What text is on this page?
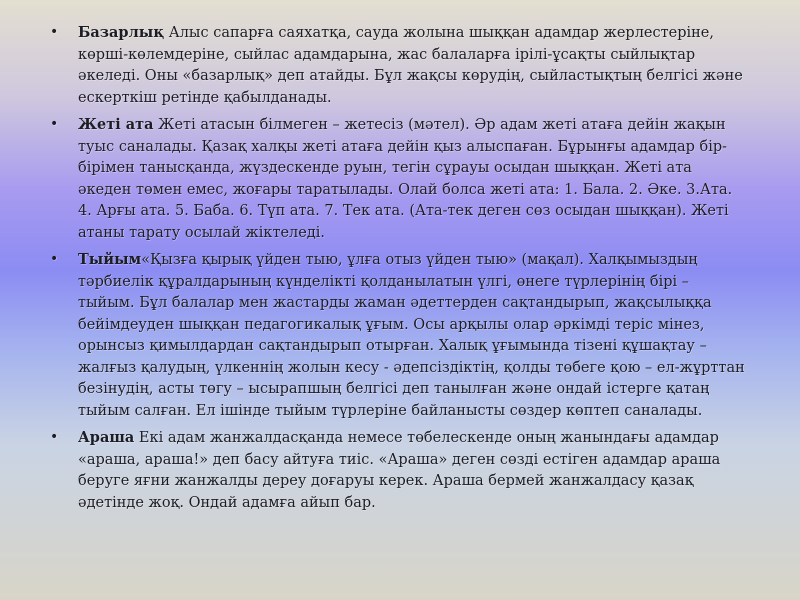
• Базарлық Алыс сапарға саяхатқа, сауда жолына шыққан адамдар жерлестеріне, көрші-көлемдеріне, сыйлас адамдарына, жас балаларға ірілі-ұсақты сыйлықтар әкеледі. Оны «базарлық» деп атайды. Бұл жақсы көрудің, сыйластықтың белгісі және ескерткіш ретінде қабылданады.
• Жеті ата Жеті атасын білмеген – жетесіз (мәтел). Әр адам жеті атаға дейін жақын туыс саналады. Қазақ халқы жеті атаға дейін қыз алыспаған. Бұрынғы адамдар бір-бірімен танысқанда, жүздескенде руын, тегін сұрауы осыдан шыққан. Жеті ата әкеден төмен емес, жоғары таратылады. Олай болса жеті ата: 1. Бала. 2. Әке. 3.Ата. 4. Арғы ата. 5. Баба. 6. Түп ата. 7. Тек ата. (Ата-тек деген сөз осыдан шыққан). Жеті атаны тарату осылай жіктеледі.
• Тыйым«Қызға қырық үйден тыю, ұлға отыз үйден тыю» (мақал). Халқымыздың тәрбиелік құралдарының күнделікті қолданылатын үлгі, өнеге түрлерінің бірі – тыйым. Бұл балалар мен жастарды жаман әдеттерден сақтандырып, жақсылыққа бейімдеуден шыққан педагогикалық ұғым. Осы арқылы олар әркімді теріс мінез, орынсыз қимылдардан сақтандырып отырған. Халық ұғымында тізені құшақтау – жалғыз қалудың, үлкеннің жолын кесу - әдепсіздіктің, қолды төбеге қою – ел-жұрттан безінудің, асты төгу – ысырапшың белгісі деп танылған және ондай істерге қатаң тыйым салған. Ел ішінде тыйым түрлеріне байланысты сөздер көптеп саналады.
• Араша Екі адам жанжалдасқанда немесе төбелескенде оның жанындағы адамдар «араша, араша!» деп басу айтуға тиіс. «Араша» деген сөзді естіген адамдар араша беруге яғни жанжалды дереу доғаруы керек. Араша бермей жанжалдасу қазақ әдетінде жоқ. Ондай адамға айып бар.
